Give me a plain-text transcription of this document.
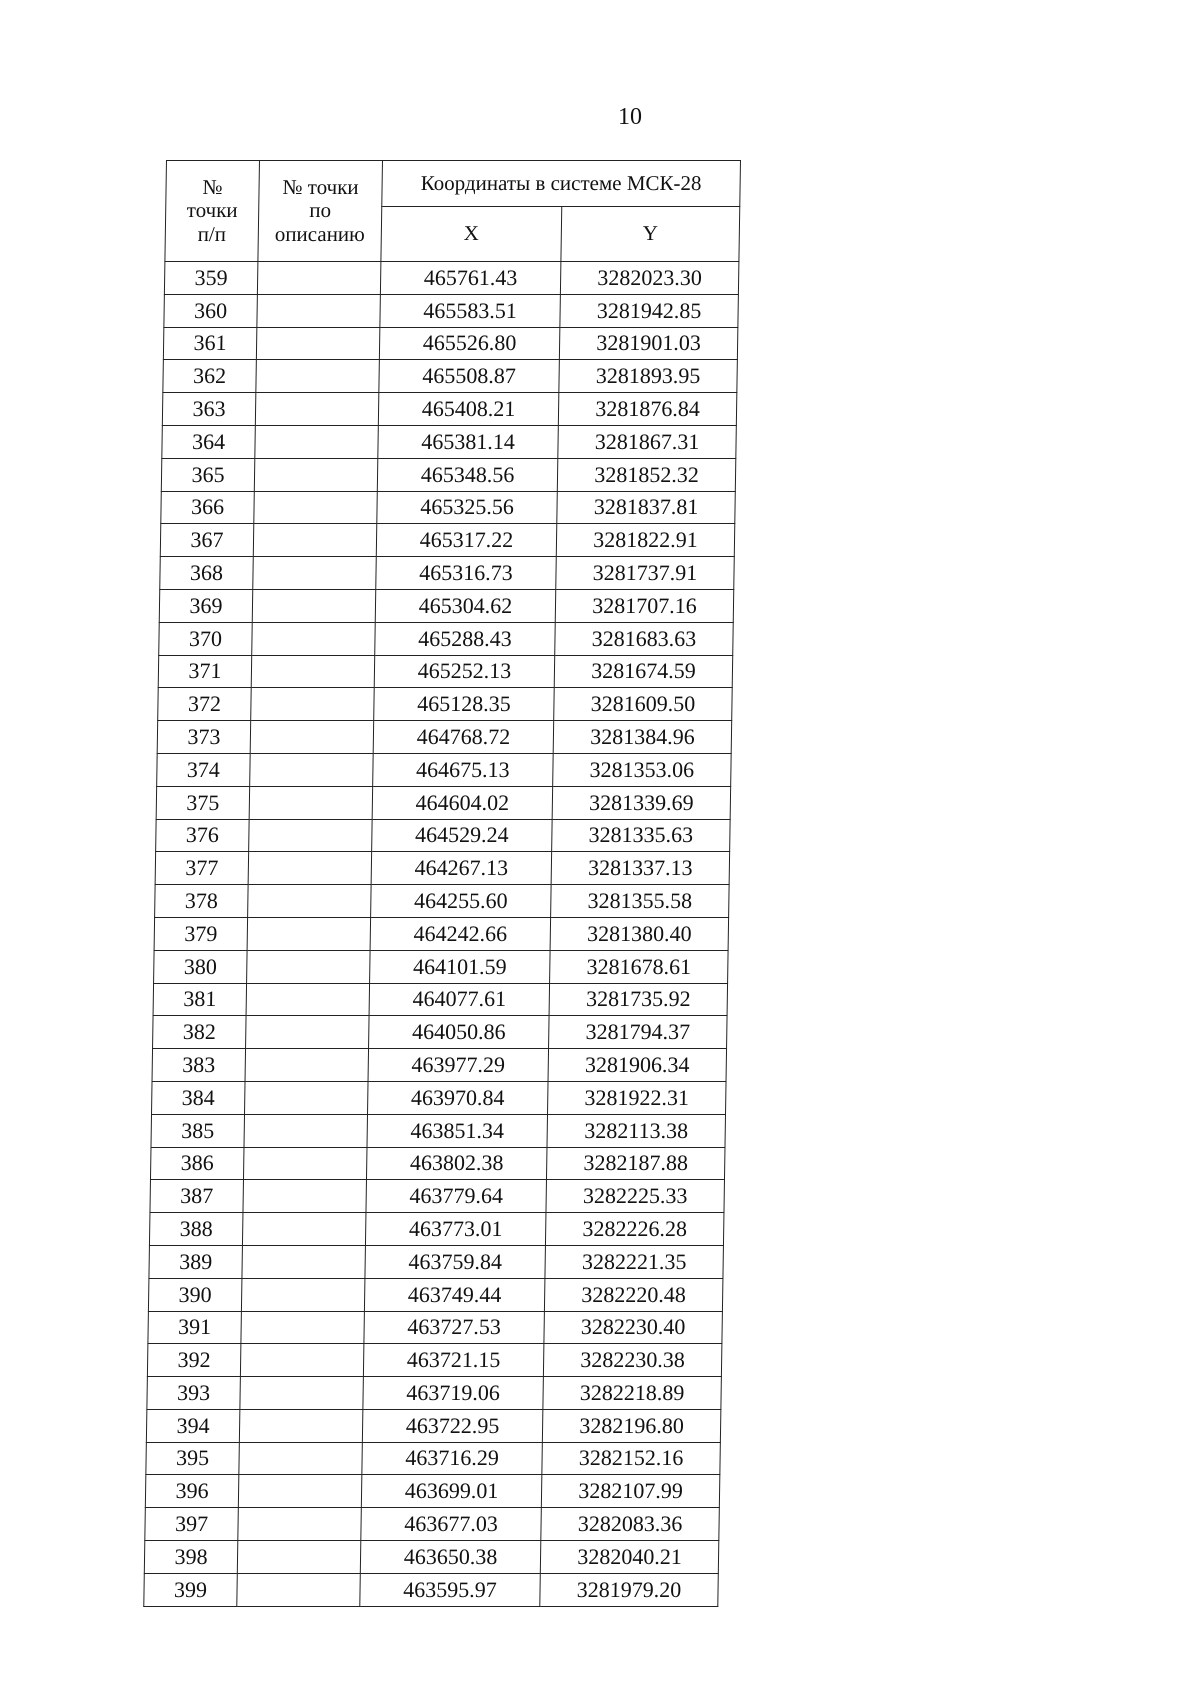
10
№
точки
п/п	№ точки
по
описанию	Координаты в системе МСК-28	
		X	Y
359		465761.43	3282023.30
360		465583.51	3281942.85
361		465526.80	3281901.03
362		465508.87	3281893.95
363		465408.21	3281876.84
364		465381.14	3281867.31
365		465348.56	3281852.32
366		465325.56	3281837.81
367		465317.22	3281822.91
368		465316.73	3281737.91
369		465304.62	3281707.16
370		465288.43	3281683.63
371		465252.13	3281674.59
372		465128.35	3281609.50
373		464768.72	3281384.96
374		464675.13	3281353.06
375		464604.02	3281339.69
376		464529.24	3281335.63
377		464267.13	3281337.13
378		464255.60	3281355.58
379		464242.66	3281380.40
380		464101.59	3281678.61
381		464077.61	3281735.92
382		464050.86	3281794.37
383		463977.29	3281906.34
384		463970.84	3281922.31
385		463851.34	3282113.38
386		463802.38	3282187.88
387		463779.64	3282225.33
388		463773.01	3282226.28
389		463759.84	3282221.35
390		463749.44	3282220.48
391		463727.53	3282230.40
392		463721.15	3282230.38
393		463719.06	3282218.89
394		463722.95	3282196.80
395		463716.29	3282152.16
396		463699.01	3282107.99
397		463677.03	3282083.36
398		463650.38	3282040.21
399		463595.97	3281979.20
